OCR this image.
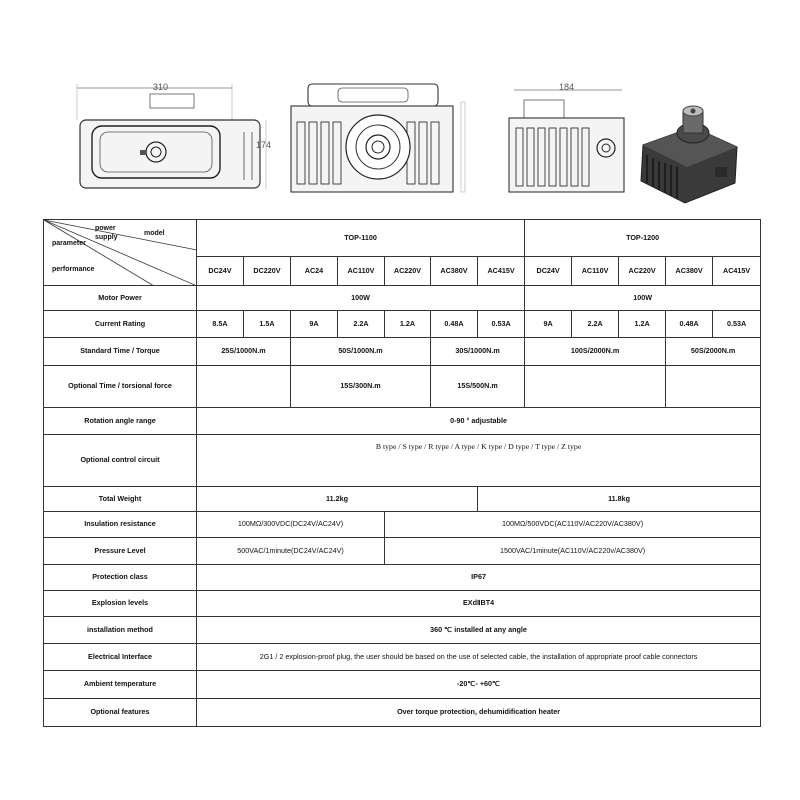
310
174
184
power supply
model
parameter
performance	TOP-1100							TOP-1200				
	DC24V	DC220V	AC24	AC110V	AC220V	AC380V	AC415V	DC24V	AC110V	AC220V	AC380V	AC415V
Motor Power	100W							100W				
Current Rating	8.5A	1.5A	9A	2.2A	1.2A	0.48A	0.53A	9A	2.2A	1.2A	0.48A	0.53A
Standard Time / Torque	25S/1000N.m		50S/1000N.m			30S/1000N.m		100S/2000N.m			50S/2000N.m	
Optional Time / torsional force			15S/300N.m			15S/500N.m						
Rotation angle range	0-90 ° adjustable											
Optional control circuit	B type / S type / R type / A type / K type / D type / T type / Z type											
Total Weight	11.2kg						11.8kg					
Insulation resistance	100MΩ/300VDC(DC24V/AC24V)				100MΩ/500VDC(AC110V/AC220V/AC380V)							
Pressure Level	500VAC/1minute(DC24V/AC24V)				1500VAC/1minute(AC110V/AC220v/AC380V)							
Protection class	IP67											
Explosion levels	EXdⅡBT4											
installation method	360 ℃ installed at any angle											
Electrical Interface	2G1 / 2 explosion-proof plug, the user should be based on the use of selected cable, the installation of appropriate proof cable connectors											
Ambient temperature	-20℃- +60℃											
Optional features	Over torque protection, dehumidification heater											
